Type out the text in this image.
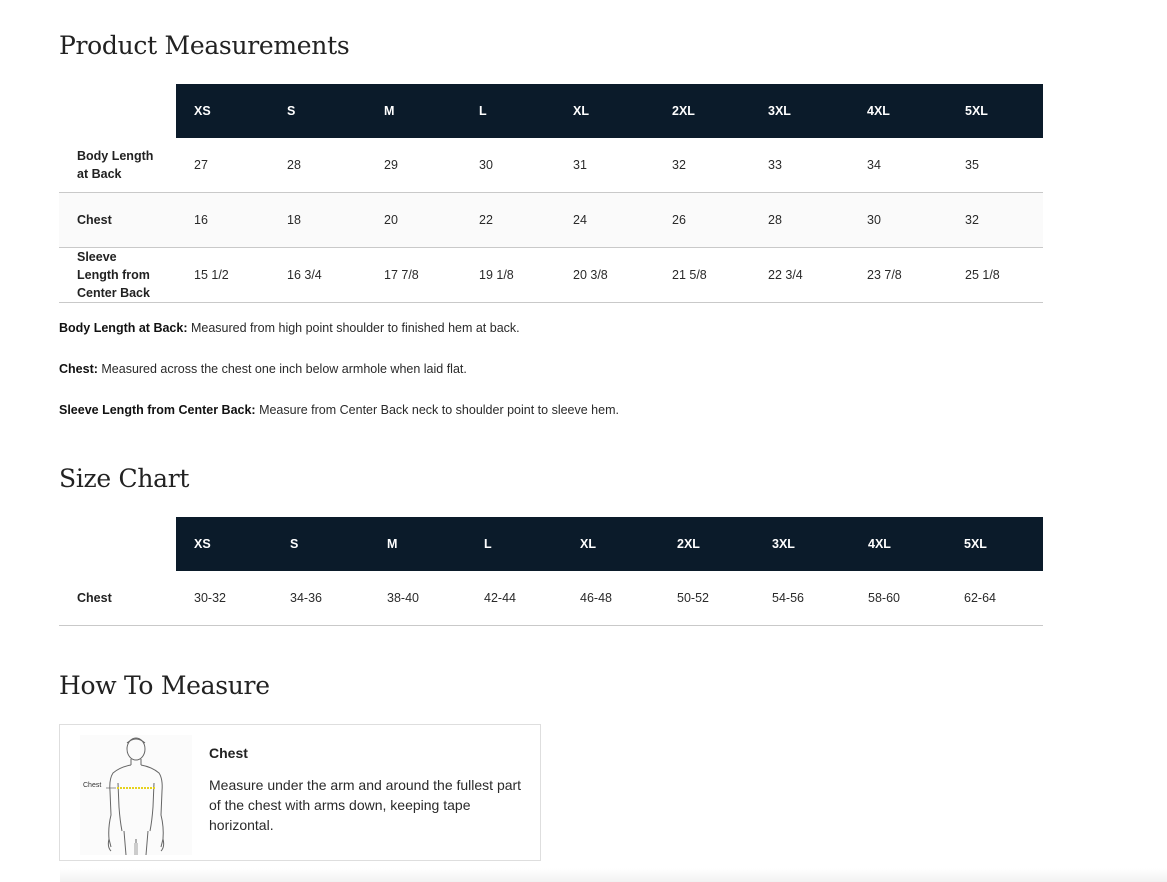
Product Measurements
	XS	S	M	L	XL	2XL	3XL	4XL	5XL

Body Length at Back	27	28	29	30	31	32	33	34	35
Chest	16	18	20	22	24	26	28	30	32

Sleeve Length from Center Back	15 1/2	16 3/4	17 7/8	19 1/8	20 3/8	21 5/8	22 3/4	23 7/8	25 1/8

Body Length at Back: Measured from high point shoulder to finished hem at back.

Chest: Measured across the chest one inch below armhole when laid flat.

Sleeve Length from Center Back: Measure from Center Back neck to shoulder point to sleeve hem.

Size Chart
	XS	S	M	L	XL	2XL	3XL	4XL	5XL
Chest	30-32	34-36	38-40	42-44	46-48	50-52	54-56	58-60	62-64
How To Measure
Chest
Chest
Measure under the arm and around the fullest part of the chest with arms down, keeping tape horizontal.
